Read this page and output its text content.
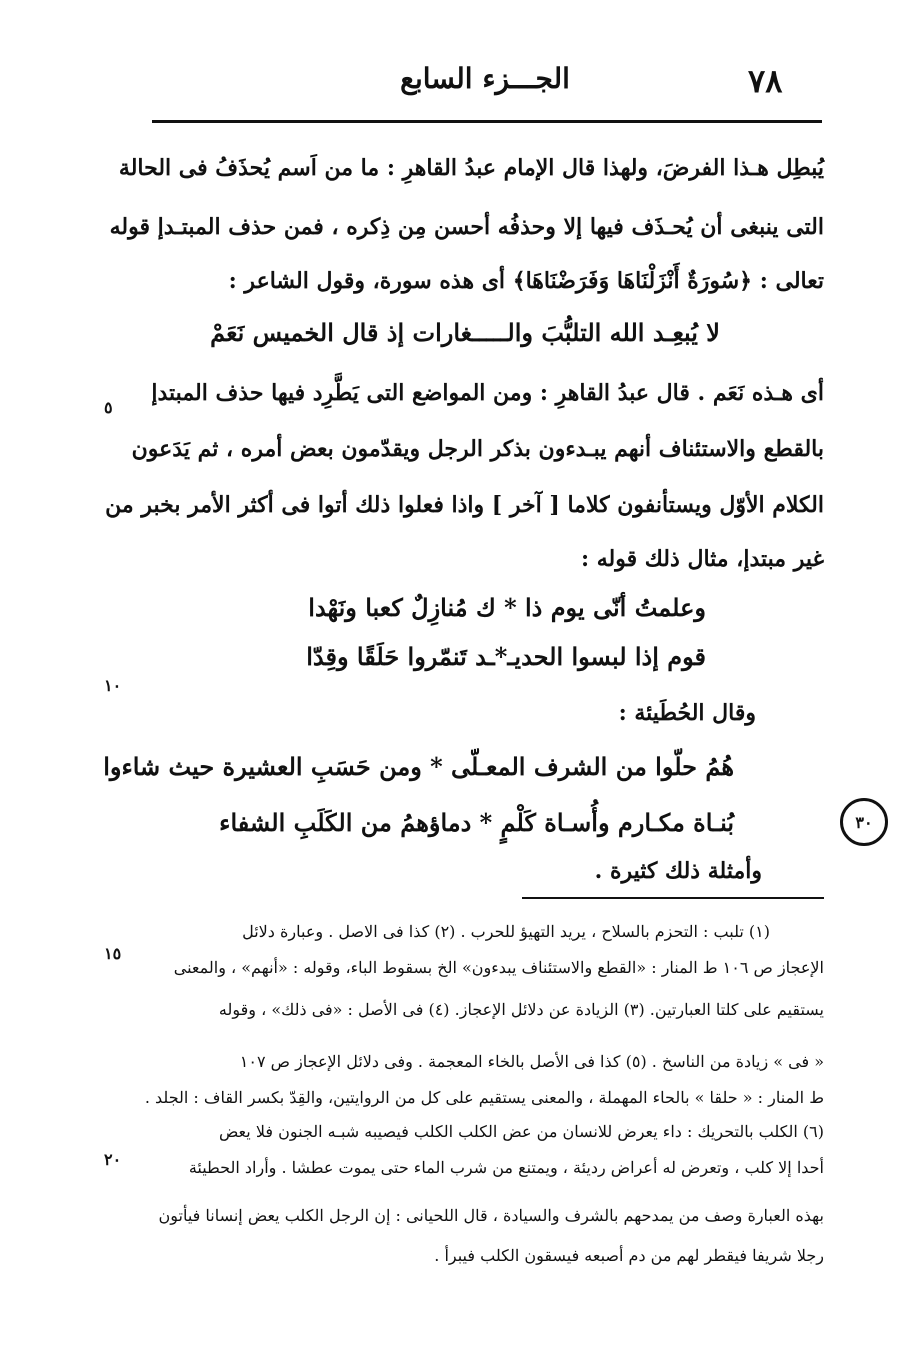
٧٨
الجـــزء السابع
يُبطِل هـذا الفرضَ، ولهذا قال الإمام عبدُ القاهرِ : ما من اَسم يُحذَفُ فى الحالة
التى ينبغى أن يُحـذَف فيها إلا وحذفُه أحسن مِن ذِكره ، فمن حذف المبتـدإ قوله
تعالى : ﴿سُورَةٌ أَنْزَلْنَاهَا وَفَرَضْنَاهَا﴾ أى هذه سورة، وقول الشاعر :
لا يُبعِـد الله التلبُّبَ والـــــغارات إذ قال الخميس نَعَمْ
أى هـذه نَعَم . قال عبدُ القاهرِ : ومن المواضع التى يَطَّرِد فيها حذف المبتدإ
بالقطع والاستئناف أنهم يبـدءون بذكر الرجل ويقدّمون بعض أمره ، ثم يَدَعون
الكلام الأوّل ويستأنفون كلاما [ آخر ] واذا فعلوا ذلك أتوا فى أكثر الأمر بخبر من
غير مبتدإ، مثال ذلك قوله :
وعلمتُ أنّى يوم ذا * ك مُنازِلٌ كعبا ونَهْدا
قوم إذا لبسوا الحديـ*ـد تَنمّروا حَلَقًا وقِدّا
وقال الحُطَيئة :
هُمُ حلّوا من الشرف المعـلّى * ومن حَسَبِ العشيرة حيث شاءوا
بُنـاة مكـارم وأُسـاة كَلْمٍ * دماؤهمُ من الكَلَبِ الشفاء
وأمثلة ذلك كثيرة .
٥
١٠
١٥
٢٠
٣٠
(١) تلبب : التحزم بالسلاح ، يريد التهيؤ للحرب . (٢) كذا فى الاصل . وعبارة دلائل
الإعجاز ص ١٠٦ ط المنار : «القطع والاستئناف يبدءون» الخ بسقوط الباء، وقوله : «أنهم» ، والمعنى
يستقيم على كلتا العبارتين. (٣) الزيادة عن دلائل الإعجاز. (٤) فى الأصل : «فى ذلك» ، وقوله
« فى » زيادة من الناسخ . (٥) كذا فى الأصل بالخاء المعجمة . وفى دلائل الإعجاز ص ١٠٧
ط المنار : « حلقا » بالحاء المهملة ، والمعنى يستقيم على كل من الروايتين، والقِدّ بكسر القاف : الجلد .
(٦) الكلب بالتحريك : داء يعرض للانسان من عض الكلب الكلب فيصيبه شبـه الجنون فلا يعض
أحدا إلا كلب ، وتعرض له أعراض رديئة ، ويمتنع من شرب الماء حتى يموت عطشا . وأراد الحطيئة
بهذه العبارة وصف من يمدحهم بالشرف والسيادة ، قال اللحيانى : إن الرجل الكلب يعض إنسانا فيأتون
رجلا شريفا فيقطر لهم من دم أصبعه فيسقون الكلب فيبرأ .
